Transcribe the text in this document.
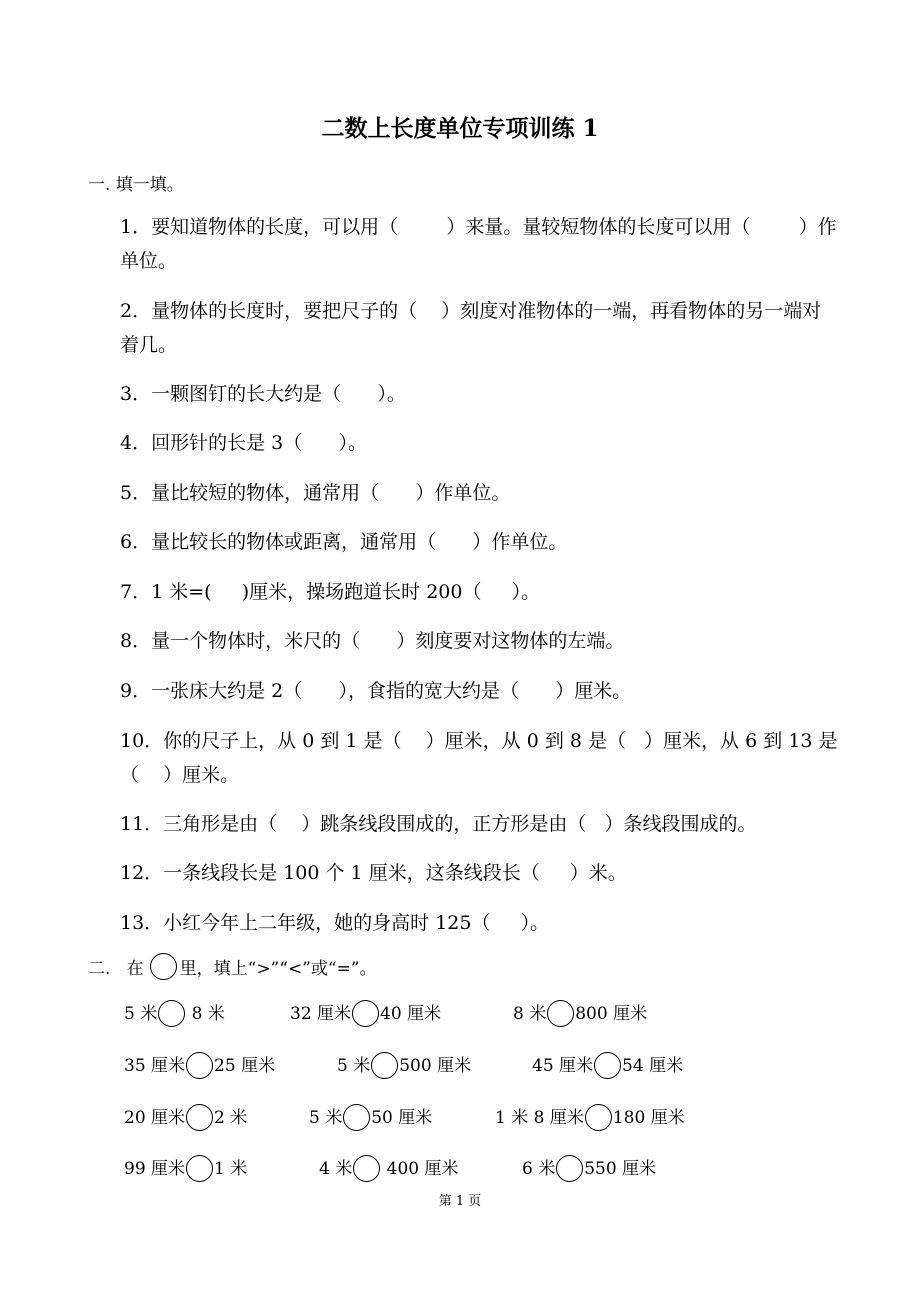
二数上长度单位专项训练 1
一. 填一填。
1．要知道物体的长度，可以用（        ）来量。量较短物体的长度可以用（        ）作单位。
2．量物体的长度时，要把尺子的（    ）刻度对准物体的一端，再看物体的另一端对着几。
3．一颗图钉的长大约是（      ）。
4．回形针的长是 3（      ）。
5．量比较短的物体，通常用（      ）作单位。
6．量比较长的物体或距离，通常用（      ）作单位。
7．1 米=(     )厘米，操场跑道长时 200（     ）。
8．量一个物体时，米尺的（      ）刻度要对这物体的左端。
9．一张床大约是 2（      ），食指的宽大约是（      ）厘米。
10．你的尺子上，从 0 到 1 是（    ）厘米，从 0 到 8 是（   ）厘米，从 6 到 13 是（    ）厘米。
11．三角形是由（    ）跳条线段围成的，正方形是由（   ）条线段围成的。
12．一条线段长是 100 个 1 厘米，这条线段长（     ）米。
13．小红今年上二年级，她的身高时 125（     ）。
二.   在 里，填上“>”“<”或“=”。
5 米 8 米	32 厘米 40 厘米	8 米 800 厘米
35 厘米 25 厘米	5 米 500 厘米	45 厘米 54 厘米
20 厘米 2 米	5 米 50 厘米	1 米 8 厘米 180 厘米
99 厘米 1 米	4 米 400 厘米	6 米 550 厘米
第 1 页
